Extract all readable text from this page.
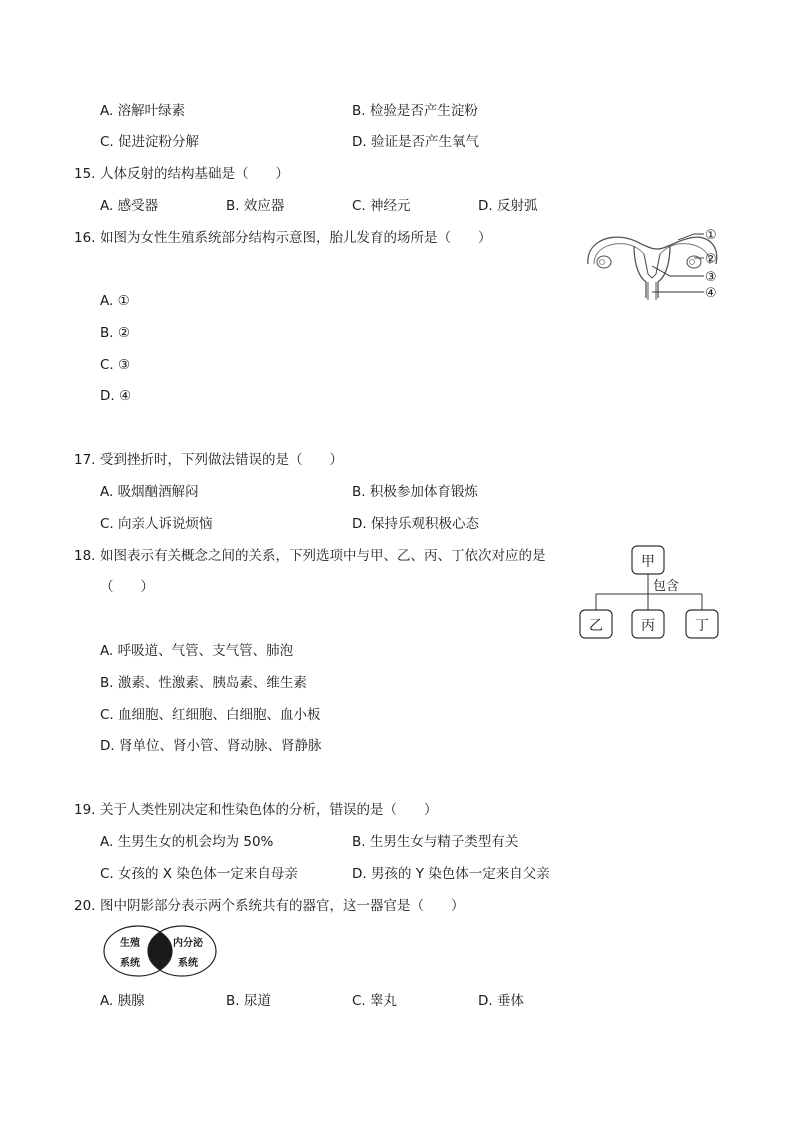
A. 溶解叶绿素	B. 检验是否产生淀粉
C. 促进淀粉分解	D. 验证是否产生氧气
15. 人体反射的结构基础是（　　）
A. 感受器	B. 效应器	C. 神经元	D. 反射弧
16. 如图为女性生殖系统部分结构示意图，胎儿发育的场所是（　　）	①
②
③
④
A. ①
B. ②
C. ③
D. ④
17. 受到挫折时，下列做法错误的是（　　）
A. 吸烟酗酒解闷	B. 积极参加体育锻炼
C. 向亲人诉说烦恼	D. 保持乐观积极心态
18. 如图表示有关概念之间的关系，下列选项中与甲、乙、丙、丁依次对应的是
（　　）
甲
包含
乙	丙	丁
A. 呼吸道、气管、支气管、肺泡
B. 激素、性激素、胰岛素、维生素
C. 血细胞、红细胞、白细胞、血小板
D. 肾单位、肾小管、肾动脉、肾静脉
19. 关于人类性别决定和性染色体的分析，错误的是（　　）
A. 生男生女的机会均为 50%	B. 生男生女与精子类型有关
C. 女孩的 X 染色体一定来自母亲	D. 男孩的 Y 染色体一定来自父亲
20. 图中阴影部分表示两个系统共有的器官，这一器官是（　　）
生殖
系统
内分泌
系统
A. 胰腺	B. 尿道	C. 睾丸	D. 垂体
